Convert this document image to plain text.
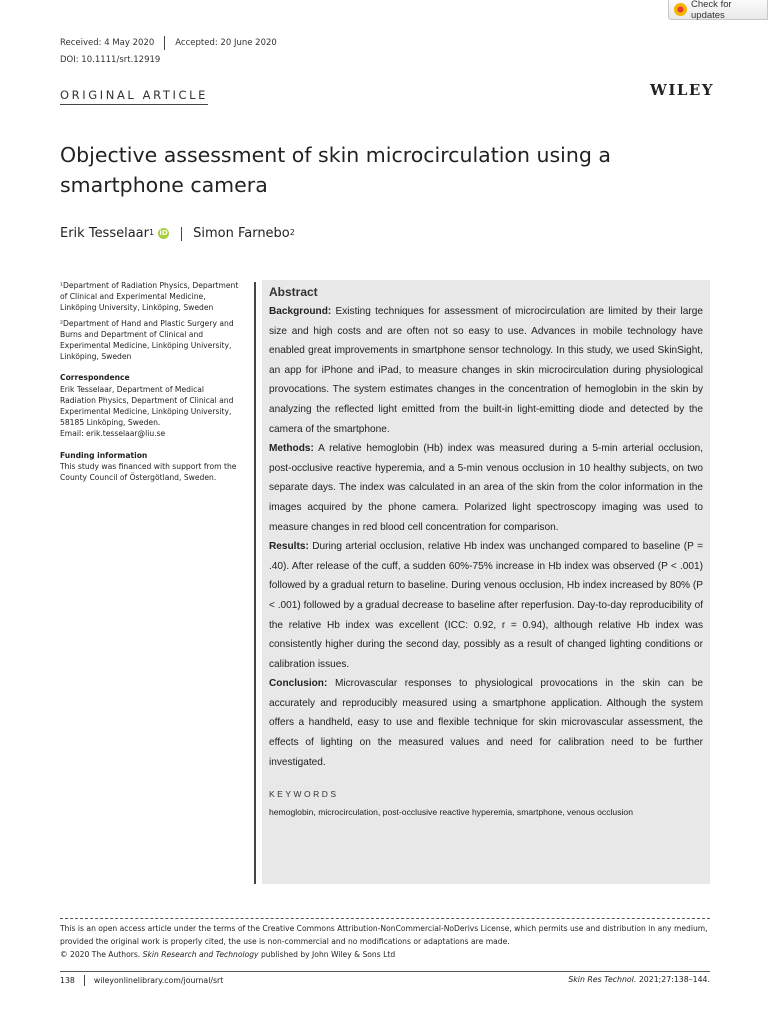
Check for updates
Received: 4 May 2020 Accepted: 20 June 2020
DOI: 10.1111/srt.12919
ORIGINAL ARTICLE	WILEY
Objective assessment of skin microcirculation using a smartphone camera
Erik Tesselaar$^1$ iD Simon Farnebo$^2$

¹Department of Radiation Physics, Department of Clinical and Experimental Medicine, Linköping University, Linköping, Sweden

²Department of Hand and Plastic Surgery and Burns and Department of Clinical and Experimental Medicine, Linköping University, Linköping, Sweden

Correspondence

Erik Tesselaar, Department of Medical Radiation Physics, Department of Clinical and Experimental Medicine, Linköping University, 58185 Linköping, Sweden.

Email: erik.tesselaar@liu.se

Funding information

This study was financed with support from the County Council of Östergötland, Sweden.

Abstract

Background: Existing techniques for assessment of microcirculation are limited by their large size and high costs and are often not so easy to use. Advances in mobile technology have enabled great improvements in smartphone sensor technology. In this study, we used SkinSight, an app for iPhone and iPad, to measure changes in skin microcirculation during physiological provocations. The system estimates changes in the concentration of hemoglobin in the skin by analyzing the reflected light emitted from the built-in light-emitting diode and detected by the camera of the smartphone.

Methods: A relative hemoglobin (Hb) index was measured during a 5-min arterial occlusion, post-occlusive reactive hyperemia, and a 5-min venous occlusion in 10 healthy subjects, on two separate days. The index was calculated in an area of the skin from the color information in the images acquired by the phone camera. Polarized light spectroscopy imaging was used to measure changes in red blood cell concentration for comparison.

Results: During arterial occlusion, relative Hb index was unchanged compared to baseline (P = .40). After release of the cuff, a sudden 60%-75% increase in Hb index was observed (P < .001) followed by a gradual return to baseline. During venous occlusion, Hb index increased by 80% (P < .001) followed by a gradual decrease to baseline after reperfusion. Day-to-day reproducibility of the relative Hb index was excellent (ICC: 0.92, r = 0.94), although relative Hb index was consistently higher during the second day, possibly as a result of changed lighting conditions or calibration issues.

Conclusion: Microvascular responses to physiological provocations in the skin can be accurately and reproducibly measured using a smartphone application. Although the system offers a handheld, easy to use and flexible technique for skin microvascular assessment, the effects of lighting on the measured values and need for calibration need to be further investigated.

KEYWORDS
hemoglobin, microcirculation, post-occlusive reactive hyperemia, smartphone, venous occlusion
This is an open access article under the terms of the Creative Commons Attribution-NonCommercial-NoDerivs License, which permits use and distribution in any medium, provided the original work is properly cited, the use is non-commercial and no modifications or adaptations are made.
© 2020 The Authors. Skin Research and Technology published by John Wiley & Sons Ltd
138 wileyonlinelibrary.com/journal/srt	Skin Res Technol. 2021;27:138–144.
